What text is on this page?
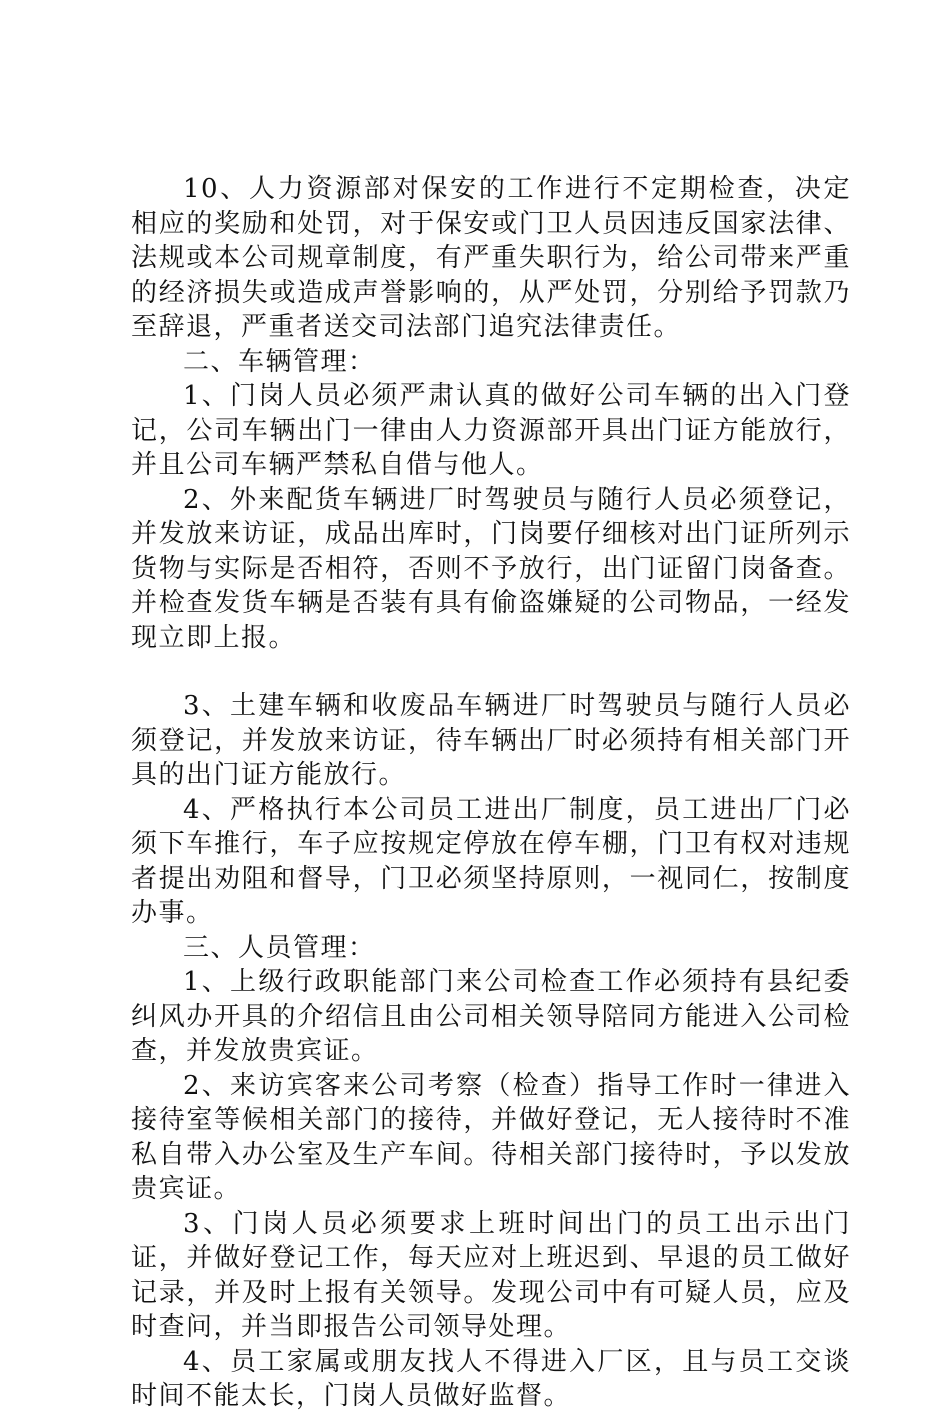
10、人力资源部对保安的工作进行不定期检查，决定相应的奖励和处罚，对于保安或门卫人员因违反国家法律、法规或本公司规章制度，有严重失职行为，给公司带来严重的经济损失或造成声誉影响的，从严处罚，分别给予罚款乃至辞退，严重者送交司法部门追究法律责任。

二、车辆管理：

1、门岗人员必须严肃认真的做好公司车辆的出入门登记，公司车辆出门一律由人力资源部开具出门证方能放行，并且公司车辆严禁私自借与他人。

2、外来配货车辆进厂时驾驶员与随行人员必须登记，并发放来访证，成品出库时，门岗要仔细核对出门证所列示货物与实际是否相符，否则不予放行，出门证留门岗备查。并检查发货车辆是否装有具有偷盗嫌疑的公司物品，一经发现立即上报。

3、土建车辆和收废品车辆进厂时驾驶员与随行人员必须登记，并发放来访证，待车辆出厂时必须持有相关部门开具的出门证方能放行。

4、严格执行本公司员工进出厂制度，员工进出厂门必须下车推行，车子应按规定停放在停车棚，门卫有权对违规者提出劝阻和督导，门卫必须坚持原则，一视同仁，按制度办事。

三、人员管理：

1、上级行政职能部门来公司检查工作必须持有县纪委纠风办开具的介绍信且由公司相关领导陪同方能进入公司检查，并发放贵宾证。

2、来访宾客来公司考察（检查）指导工作时一律进入接待室等候相关部门的接待，并做好登记，无人接待时不准私自带入办公室及生产车间。待相关部门接待时，予以发放贵宾证。

3、门岗人员必须要求上班时间出门的员工出示出门证，并做好登记工作，每天应对上班迟到、早退的员工做好记录，并及时上报有关领导。发现公司中有可疑人员，应及时查问，并当即报告公司领导处理。

4、员工家属或朋友找人不得进入厂区，且与员工交谈时间不能太长，门岗人员做好监督。
